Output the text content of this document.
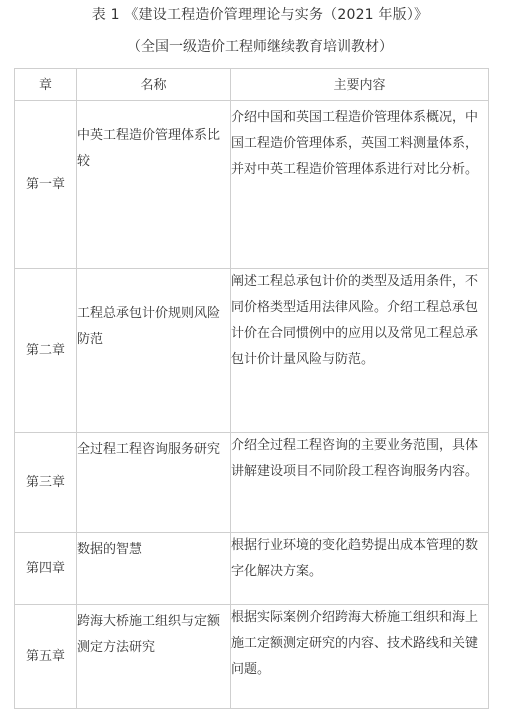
表 1 《建设工程造价管理理论与实务（2021 年版）》
（全国一级造价工程师继续教育培训教材）
章	名称	主要内容
第一章	中英工程造价管理体系比较	介绍中国和英国工程造价管理体系概况，中国工程造价管理体系，英国工料测量体系，并对中英工程造价管理体系进行对比分析。
第二章	工程总承包计价规则风险防范	阐述工程总承包计价的类型及适用条件，不同价格类型适用法律风险。介绍工程总承包计价在合同惯例中的应用以及常见工程总承包计价计量风险与防范。
第三章	全过程工程咨询服务研究	介绍全过程工程咨询的主要业务范围，具体讲解建设项目不同阶段工程咨询服务内容。
第四章	数据的智慧	根据行业环境的变化趋势提出成本管理的数字化解决方案。
第五章	跨海大桥施工组织与定额测定方法研究	根据实际案例介绍跨海大桥施工组织和海上施工定额测定研究的内容、技术路线和关键问题。
